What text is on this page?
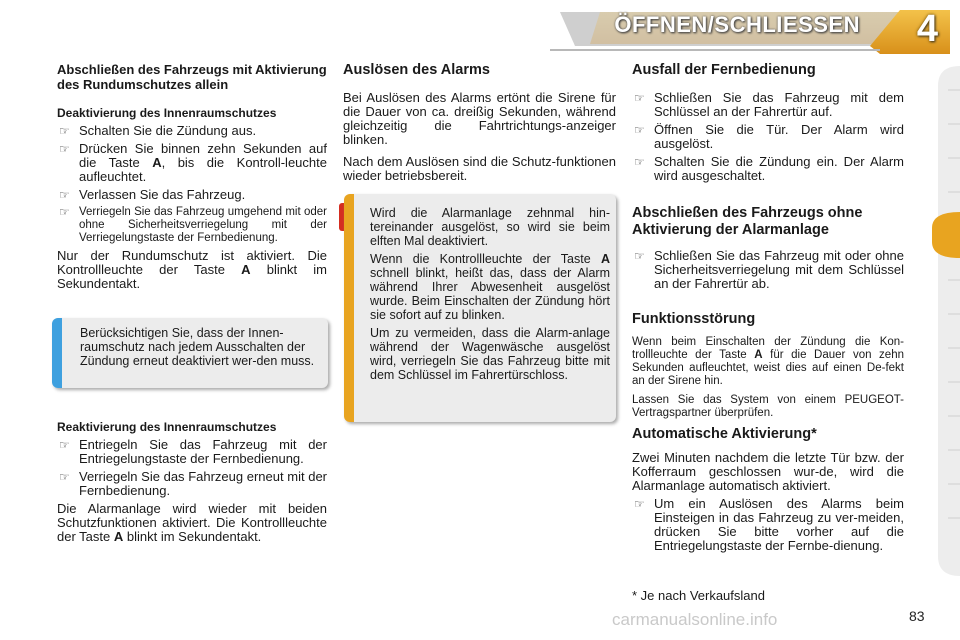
ÖFFNEN/SCHLIESSEN 4
Abschließen des Fahrzeugs mit Aktivierung des Rundumschutzes allein
Deaktivierung des Innenraumschutzes
☞ Schalten Sie die Zündung aus.
☞ Drücken Sie binnen zehn Sekunden auf die Taste A, bis die Kontroll-leuchte aufleuchtet.
☞ Verlassen Sie das Fahrzeug.
☞ Verriegeln Sie das Fahrzeug umgehend mit oder ohne Sicherheitsverriegelung mit der Verriegelungstaste der Fernbedienung.

Nur der Rundumschutz ist aktiviert. Die Kontrollleuchte der Taste A blinkt im Sekundentakt.

Berücksichtigen Sie, dass der Innen-raumschutz nach jedem Ausschalten der Zündung erneut deaktiviert wer-den muss.
Reaktivierung des Innenraumschutzes
☞ Entriegeln Sie das Fahrzeug mit der Entriegelungstaste der Fernbedienung.
☞ Verriegeln Sie das Fahrzeug erneut mit der Fernbedienung.

Die Alarmanlage wird wieder mit beiden Schutzfunktionen aktiviert. Die Kontrollleuchte der Taste A blinkt im Sekundentakt.

Auslösen des Alarms

Bei Auslösen des Alarms ertönt die Sirene für die Dauer von ca. dreißig Sekunden, während gleichzeitig die Fahrtrichtungs-anzeiger blinken.

Nach dem Auslösen sind die Schutz-funktionen wieder betriebsbereit.

Wird die Alarmanlage zehnmal hin-tereinander ausgelöst, so wird sie beim elften Mal deaktiviert.

Wenn die Kontrollleuchte der Taste A schnell blinkt, heißt das, dass der Alarm während Ihrer Abwesenheit ausgelöst wurde. Beim Einschalten der Zündung hört sie sofort auf zu blinken.

Um zu vermeiden, dass die Alarm-anlage während der Wagenwäsche ausgelöst wird, verriegeln Sie das Fahrzeug bitte mit dem Schlüssel im Fahrertürschloss.

Ausfall der Fernbedienung
☞ Schließen Sie das Fahrzeug mit dem Schlüssel an der Fahrertür auf.
☞ Öffnen Sie die Tür. Der Alarm wird ausgelöst.
☞ Schalten Sie die Zündung ein. Der Alarm wird ausgeschaltet.
Abschließen des Fahrzeugs ohne Aktivierung der Alarmanlage
☞ Schließen Sie das Fahrzeug mit oder ohne Sicherheitsverriegelung mit dem Schlüssel an der Fahrertür ab.
Funktionsstörung

Wenn beim Einschalten der Zündung die Kon-trollleuchte der Taste A für die Dauer von zehn Sekunden aufleuchtet, weist dies auf einen De-fekt an der Sirene hin.

Lassen Sie das System von einem PEUGEOT-Vertragspartner überprüfen.

Automatische Aktivierung*

Zwei Minuten nachdem die letzte Tür bzw. der Kofferraum geschlossen wur-de, wird die Alarmanlage automatisch aktiviert.

☞ Um ein Auslösen des Alarms beim Einsteigen in das Fahrzeug zu ver-meiden, drücken Sie bitte vorher auf die Entriegelungstaste der Fernbe-dienung.
* Je nach Verkaufsland
carmanualsonline.info	83
